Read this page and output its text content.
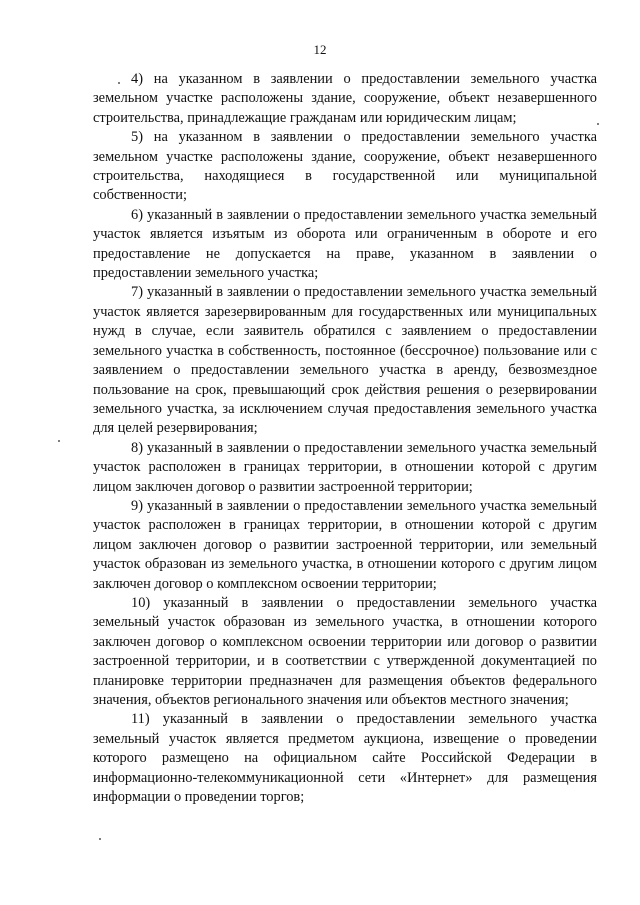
12

4) на указанном в заявлении о предоставлении земельного участка земельном участке расположены здание, сооружение, объект незавершенного строительства, принадлежащие гражданам или юридическим лицам;

5) на указанном в заявлении о предоставлении земельного участка земельном участке расположены здание, сооружение, объект незавершенного строительства, находящиеся в государственной или муниципальной собственности;

6) указанный в заявлении о предоставлении земельного участка земельный участок является изъятым из оборота или ограниченным в обороте и его предоставление не допускается на праве, указанном в заявлении о предоставлении земельного участка;

7) указанный в заявлении о предоставлении земельного участка земельный участок является зарезервированным для государственных или муниципальных нужд в случае, если заявитель обратился с заявлением о предоставлении земельного участка в собственность, постоянное (бессрочное) пользование или с заявлением о предоставлении земельного участка в аренду, безвозмездное пользование на срок, превышающий срок действия решения о резервировании земельного участка, за исключением случая предоставления земельного участка для целей резервирования;

8) указанный в заявлении о предоставлении земельного участка земельный участок расположен в границах территории, в отношении которой с другим лицом заключен договор о развитии застроенной территории;

9) указанный в заявлении о предоставлении земельного участка земельный участок расположен в границах территории, в отношении которой с другим лицом заключен договор о развитии застроенной территории, или земельный участок образован из земельного участка, в отношении которого с другим лицом заключен договор о комплексном освоении территории;

10) указанный в заявлении о предоставлении земельного участка земельный участок образован из земельного участка, в отношении которого заключен договор о комплексном освоении территории или договор о развитии застроенной территории, и в соответствии с утвержденной документацией по планировке территории предназначен для размещения объектов федерального значения, объектов регионального значения или объектов местного значения;

11) указанный в заявлении о предоставлении земельного участка земельный участок является предметом аукциона, извещение о проведении которого размещено на официальном сайте Российской Федерации в информационно-телекоммуникационной сети «Интернет» для размещения информации о проведении торгов;
